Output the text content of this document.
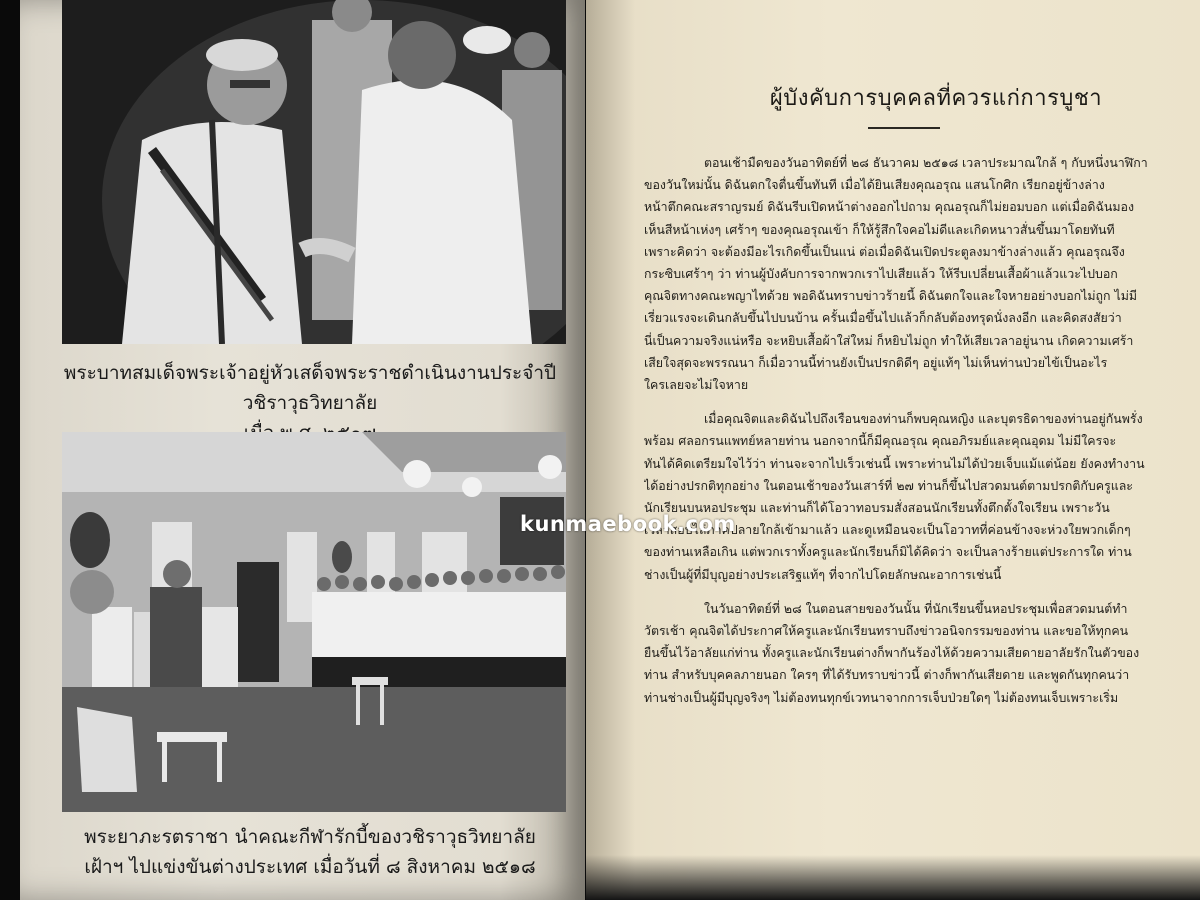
พระบาทสมเด็จพระเจ้าอยู่หัวเสด็จพระราชดำเนินงานประจำปีวชิราวุธวิทยาลัย
พระยาภะรตราชา นำคณะกีฬารักบี้ของวชิราวุธวิทยาลัย
เฝ้าฯ ไปแข่งขันต่างประเทศ เมื่อวันที่ ๘ สิงหาคม ๒๕๑๘
ผู้บังคับการบุคคลที่ควรแก่การบูชา
ตอนเช้ามืดของวันอาทิตย์ที่ ๒๘ ธันวาคม ๒๕๑๘ เวลาประมาณใกล้ ๆ กับหนึ่งนาฬิกา
ของวันใหม่นั้น ดิฉันตกใจตื่นขึ้นทันที เมื่อได้ยินเสียงคุณอรุณ แสนโกศิก เรียกอยู่ข้างล่าง
หน้าตึกคณะสราญรมย์ ดิฉันรีบเปิดหน้าต่างออกไปถาม คุณอรุณก็ไม่ยอมบอก แต่เมื่อดิฉันมอง
เห็นสีหน้าเห่งๆ เศร้าๆ ของคุณอรุณเข้า ก็ให้รู้สึกใจคอไม่ดีและเกิดหนาวสั่นขึ้นมาโดยทันที
เพราะคิดว่า จะต้องมีอะไรเกิดขึ้นเป็นแน่ ต่อเมื่อดิฉันเปิดประตูลงมาข้างล่างแล้ว คุณอรุณจึง
กระซิบเศร้าๆ ว่า ท่านผู้บังคับการจากพวกเราไปเสียแล้ว ให้รีบเปลี่ยนเสื้อผ้าแล้วแวะไปบอก
คุณจิตทางคณะพญาไทด้วย พอดิฉันทราบข่าวร้ายนี้ ดิฉันตกใจและใจหายอย่างบอกไม่ถูก ไม่มี
เรี่ยวแรงจะเดินกลับขึ้นไปบนบ้าน ครั้นเมื่อขึ้นไปแล้วก็กลับต้องทรุดนั่งลงอีก และคิดสงสัยว่า
นี่เป็นความจริงแน่หรือ จะหยิบเสื้อผ้าใส่ใหม่ ก็หยิบไม่ถูก ทำให้เสียเวลาอยู่นาน เกิดความเศร้า
เสียใจสุดจะพรรณนา ก็เมื่อวานนี้ท่านยังเป็นปรกติดีๆ อยู่แท้ๆ ไม่เห็นท่านป่วยไข้เป็นอะไร
ใครเลยจะไม่ใจหาย
เมื่อคุณจิตและดิฉันไปถึงเรือนของท่านก็พบคุณหญิง และบุตรธิดาของท่านอยู่กันพรั่ง
พร้อม ศลอกรนแพทย์หลายท่าน นอกจากนี้ก็มีคุณอรุณ คุณอภิรมย์และคุณอุดม ไม่มีใครจะ
ทันได้คิดเตรียมใจไว้ว่า ท่านจะจากไปเร็วเช่นนี้ เพราะท่านไม่ได้ป่วยเจ็บแม้แต่น้อย ยังคงทำงาน
ได้อย่างปรกติทุกอย่าง ในตอนเช้าของวันเสาร์ที่ ๒๗ ท่านก็ขึ้นไปสวดมนต์ตามปรกติกับครูและ
นักเรียนบนหอประชุม และท่านก็ได้โอวาทอบรมสั่งสอนนักเรียนทั้งตึกตั้งใจเรียน เพราะวัน
เวลาสอบไล่ภาคปลายใกล้เข้ามาแล้ว และดูเหมือนจะเป็นโอวาทที่ค่อนข้างจะห่วงใยพวกเด็กๆ
ของท่านเหลือเกิน แต่พวกเราทั้งครูและนักเรียนก็มิได้คิดว่า จะเป็นลางร้ายแต่ประการใด ท่าน
ช่างเป็นผู้ที่มีบุญอย่างประเสริฐแท้ๆ ที่จากไปโดยลักษณะอาการเช่นนี้
ในวันอาทิตย์ที่ ๒๘ ในตอนสายของวันนั้น ที่นักเรียนขึ้นหอประชุมเพื่อสวดมนต์ทำ
วัตรเช้า คุณจิตได้ประกาศให้ครูและนักเรียนทราบถึงข่าวอนิจกรรมของท่าน และขอให้ทุกคน
ยืนขึ้นไว้อาลัยแก่ท่าน ทั้งครูและนักเรียนต่างก็พากันร้องไห้ด้วยความเสียดายอาลัยรักในตัวของ
ท่าน สำหรับบุคคลภายนอก ใครๆ ที่ได้รับทราบข่าวนี้ ต่างก็พากันเสียดาย และพูดกันทุกคนว่า
ท่านช่างเป็นผู้มีบุญจริงๆ ไม่ต้องทนทุกข์เวทนาจากการเจ็บป่วยใดๆ ไม่ต้องทนเจ็บเพราะเริ่ม
kunmaebook.com
